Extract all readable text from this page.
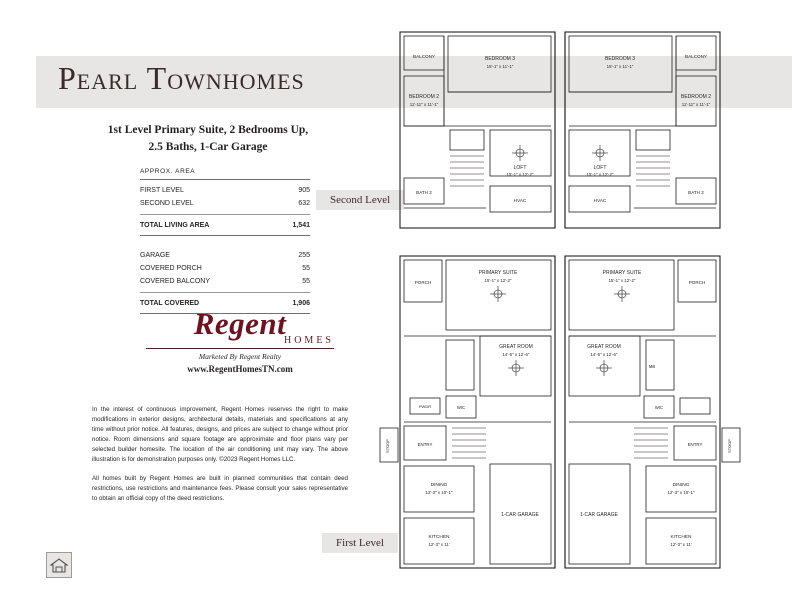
Pearl Townhomes
1st Level Primary Suite, 2 Bedrooms Up,
2.5 Baths, 1-Car Garage
APPROX. AREA
FIRST LEVEL	905
SECOND LEVEL	632
TOTAL LIVING AREA	1,541
GARAGE	255
COVERED PORCH	55
COVERED BALCONY	55
TOTAL COVERED	1,906
Regent
HOMES
Marketed By Regent Realty
www.RegentHomesTN.com

In the interest of continuous improvement, Regent Homes reserves the right to make modifications in exterior designs, architectural details, materials and specifications at any time without prior notice. All features, designs, and prices are subject to change without prior notice. Room dimensions and square footage are approximate and floor plans vary per selected builder homesite. The location of the air conditioning unit may vary. The above illustration is for demonstration purposes only. ©2023 Regent Homes LLC.

All homes built by Regent Homes are built in planned communities that contain deed restrictions, use restrictions and maintenance fees. Please consult your sales representative to obtain an official copy of the deed restrictions.

Second Level
First Level
BALCONY	BEDROOM 3
15'-1" x 11'-1"
BEDROOM 2
11'-11" x 11'-1"
BATH 2
LOFT
15'-1" x 12'-2"
HVAC
BALCONY
BEDROOM 3
15'-1" x 11'-1"
BEDROOM 2
11'-11" x 11'-1"
BATH 2
LOFT
15'-1" x 12'-2"
HVAC
PORCH
PRIMARY SUITE
15'-1" x 12'-2"
GREAT ROOM
14'-5" x 12'-6"
WIC
PWDR
ENTRY
STOOP
DINING
12'-3" x 10'-1"
KITCHEN
12'-3" x 11'
1-CAR GARAGE
PORCH
PRIMARY SUITE
15'-1" x 12'-2"
GREAT ROOM
14'-5" x 12'-6"
WIC
MB
ENTRY	STOOP
DINING
12'-3" x 10'-1"
KITCHEN
12'-3" x 11'
1-CAR GARAGE
